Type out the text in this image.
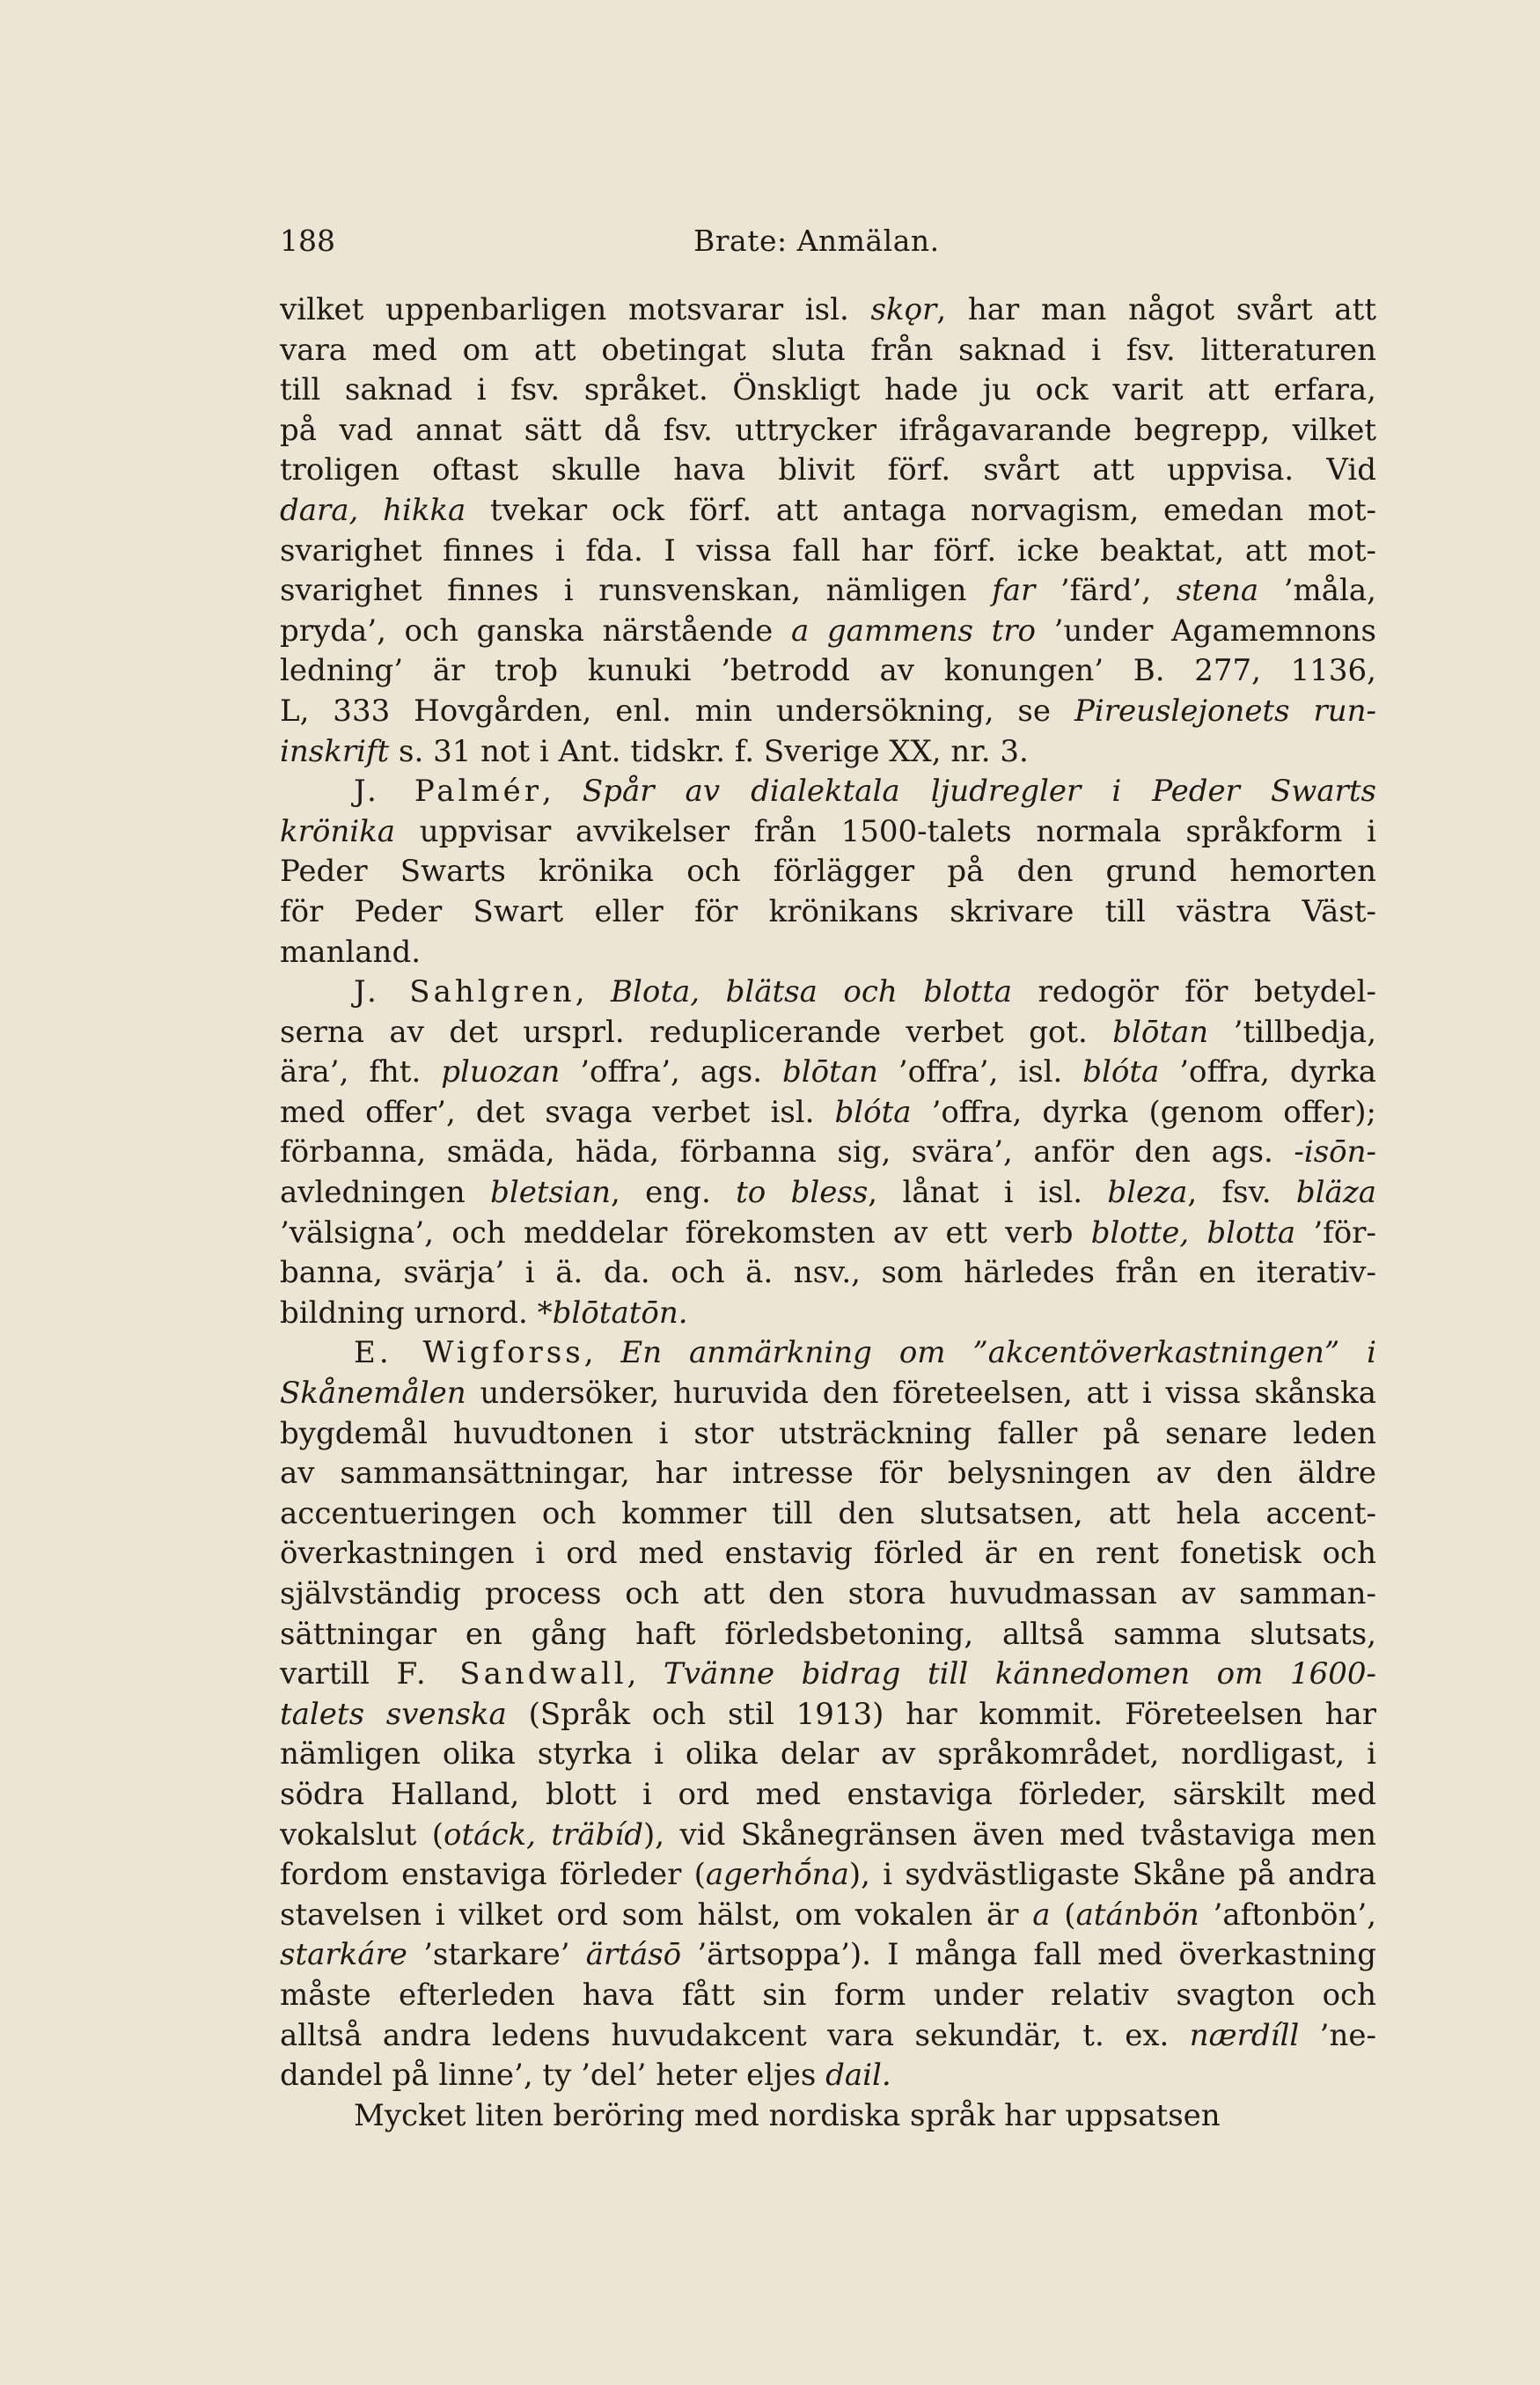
188	Brate: Anmälan.
vilket uppenbarligen motsvarar isl. skǫr, har man något svårt att
vara med om att obetingat sluta från saknad i fsv. litteraturen
till saknad i fsv. språket. Önskligt hade ju ock varit att erfara,
på vad annat sätt då fsv. uttrycker ifrågavarande begrepp, vilket
troligen oftast skulle hava blivit förf. svårt att uppvisa. Vid
dara, hikka tvekar ock förf. att antaga norvagism, emedan mot-
svarighet finnes i fda. I vissa fall har förf. icke beaktat, att mot-
svarighet finnes i runsvenskan, nämligen far ’färd’, stena ’måla,
pryda’, och ganska närstående a gammens tro ’under Agamemnons
ledning’ är troþ kunuki ’betrodd av konungen’ B. 277, 1136,
L, 333 Hovgården, enl. min undersökning, se Pireuslejonets run-
inskrift s. 31 not i Ant. tidskr. f. Sverige XX, nr. 3.
J. Palmér, Spår av dialektala ljudregler i Peder Swarts
krönika uppvisar avvikelser från 1500-talets normala språkform i
Peder Swarts krönika och förlägger på den grund hemorten
för Peder Swart eller för krönikans skrivare till västra Väst-
manland.
J. Sahlgren, Blota, blätsa och blotta redogör för betydel-
serna av det ursprl. reduplicerande verbet got. blōtan ’tillbedja,
ära’, fht. pluozan ’offra’, ags. blōtan ’offra’, isl. blóta ’offra, dyrka
med offer’, det svaga verbet isl. blóta ’offra, dyrka (genom offer);
förbanna, smäda, häda, förbanna sig, svära’, anför den ags. -isōn-
avledningen bletsian, eng. to bless, lånat i isl. bleza, fsv. bläza
’välsigna’, och meddelar förekomsten av ett verb blotte, blotta ’för-
banna, svärja’ i ä. da. och ä. nsv., som härledes från en iterativ-
bildning urnord. *blōtatōn.
E. Wigforss, En anmärkning om ”akcentöverkastningen” i
Skånemålen undersöker, huruvida den företeelsen, att i vissa skånska
bygdemål huvudtonen i stor utsträckning faller på senare leden
av sammansättningar, har intresse för belysningen av den äldre
accentueringen och kommer till den slutsatsen, att hela accent-
överkastningen i ord med enstavig förled är en rent fonetisk och
självständig process och att den stora huvudmassan av samman-
sättningar en gång haft förledsbetoning, alltså samma slutsats,
vartill F. Sandwall, Tvänne bidrag till kännedomen om 1600-
talets svenska (Språk och stil 1913) har kommit. Företeelsen har
nämligen olika styrka i olika delar av språkområdet, nordligast, i
södra Halland, blott i ord med enstaviga förleder, särskilt med
vokalslut (otáck, träbíd), vid Skånegränsen även med tvåstaviga men
fordom enstaviga förleder (agerhṓna), i sydvästligaste Skåne på andra
stavelsen i vilket ord som hälst, om vokalen är a (atánbön ’aftonbön’,
starkáre ’starkare’ ärtásō ’ärtsoppa’). I många fall med överkastning
måste efterleden hava fått sin form under relativ svagton och
alltså andra ledens huvudakcent vara sekundär, t. ex. nærdíll ’ne-
dandel på linne’, ty ’del’ heter eljes dail.
Mycket liten beröring med nordiska språk har uppsatsen
